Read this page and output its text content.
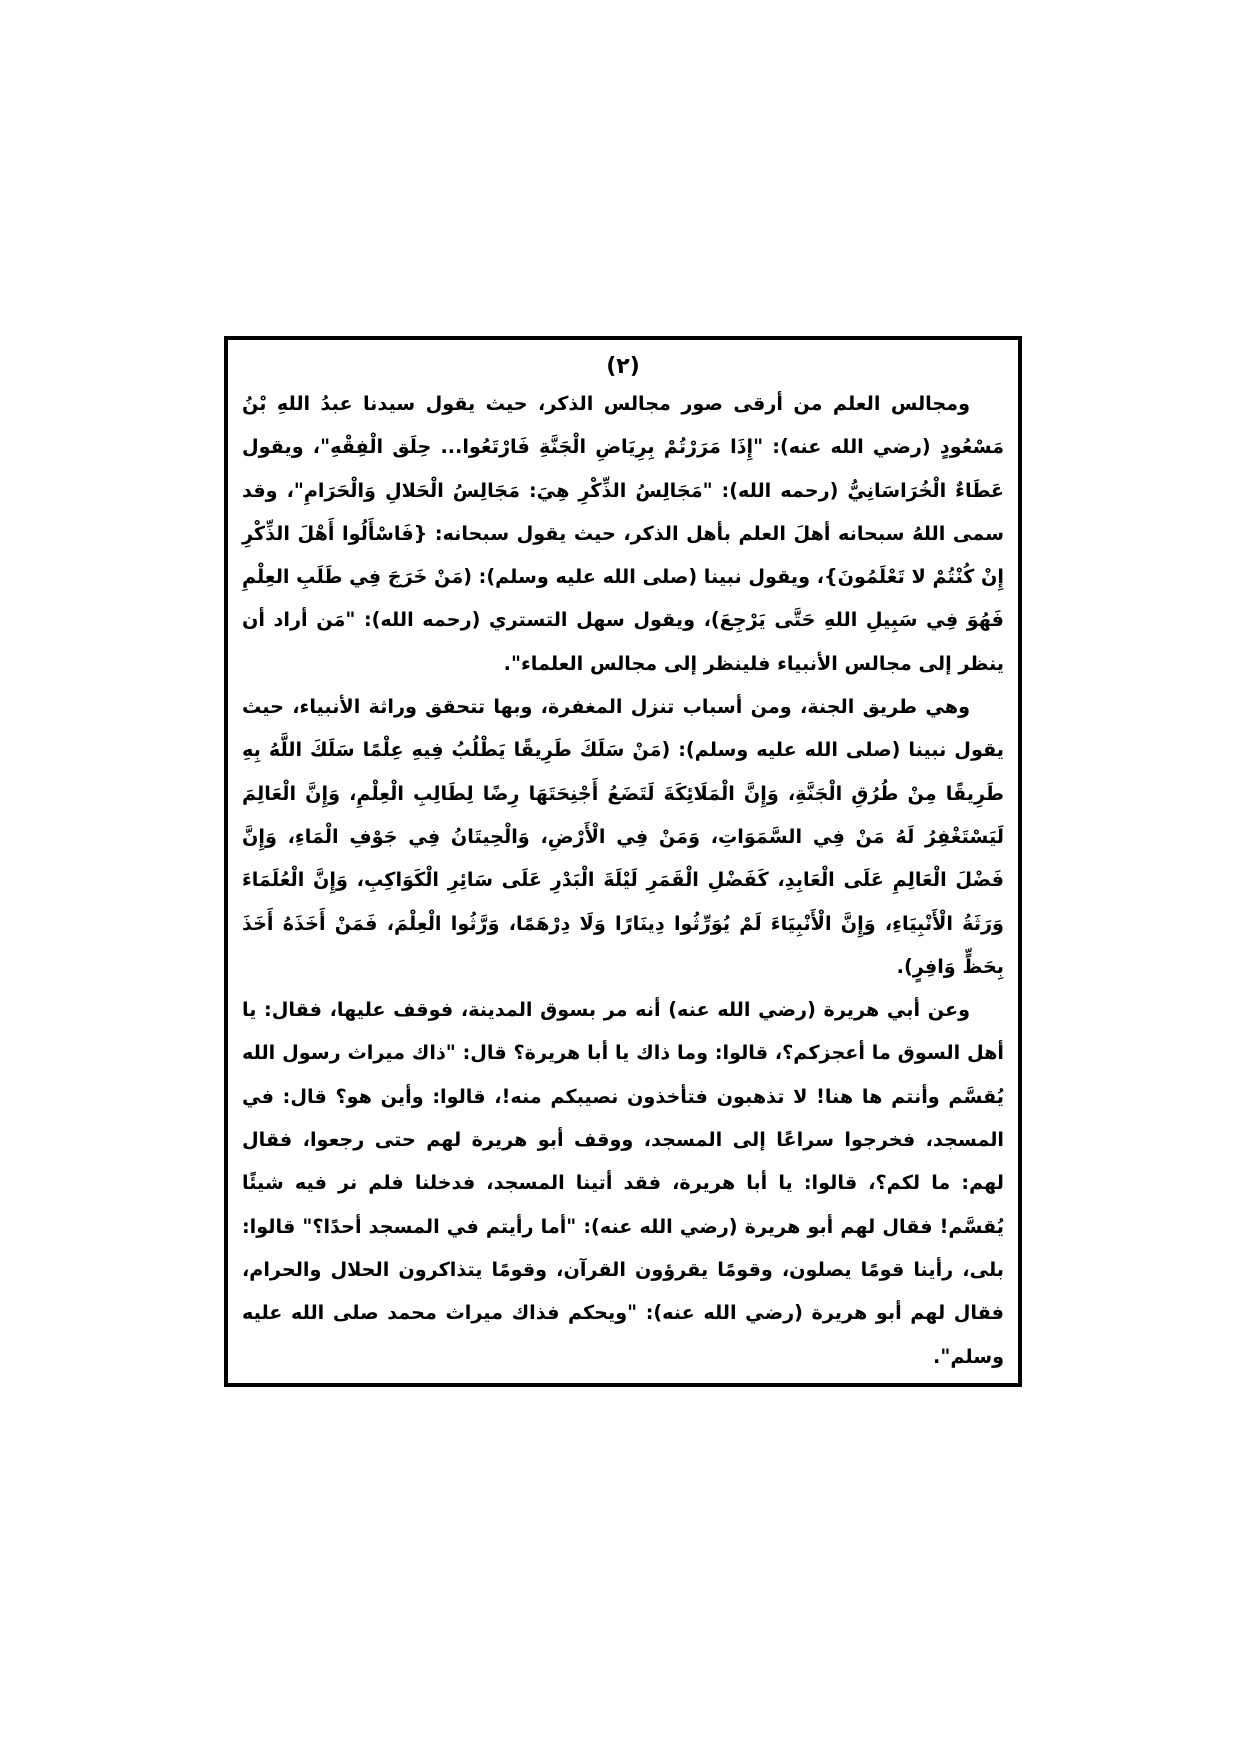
(٢)

ومجالس العلم من أرقى صور مجالس الذكر، حيث يقول سيدنا عبدُ اللهِ بْنُ مَسْعُودٍ (رضي الله عنه): "إِذَا مَرَرْتُمْ بِرِيَاضِ الْجَنَّةِ فَارْتَعُوا... حِلَق الْفِقْهِ"، ويقول عَطَاءٌ الْخُرَاسَانِيُّ (رحمه الله): "مَجَالِسُ الذِّكْرِ هِيَ: مَجَالِسُ الْحَلالِ وَالْحَرَامِ"، وقد سمى اللهُ سبحانه أهلَ العلم بأهل الذكر، حيث يقول سبحانه: {فَاسْأَلُوا أَهْلَ الذِّكْرِ إِنْ كُنْتُمْ لا تَعْلَمُونَ}، ويقول نبينا (صلى الله عليه وسلم): (مَنْ خَرَجَ فِي طَلَبِ العِلْمِ فَهُوَ فِي سَبِيلِ اللهِ حَتَّى يَرْجِعَ)، ويقول سهل التستري (رحمه الله): "مَن أراد أن ينظر إلى مجالس الأنبياء فلينظر إلى مجالس العلماء".

وهي طريق الجنة، ومن أسباب تنزل المغفرة، وبها تتحقق وراثة الأنبياء، حيث يقول نبينا (صلى الله عليه وسلم): (مَنْ سَلَكَ طَرِيقًا يَطْلُبُ فِيهِ عِلْمًا سَلَكَ اللَّهُ بِهِ طَرِيقًا مِنْ طُرُقِ الْجَنَّةِ، وَإِنَّ الْمَلَائِكَةَ لَتَضَعُ أَجْنِحَتَهَا رِضًا لِطَالِبِ الْعِلْمِ، وَإِنَّ الْعَالِمَ لَيَسْتَغْفِرُ لَهُ مَنْ فِي السَّمَوَاتِ، وَمَنْ فِي الْأَرْضِ، وَالْحِيتَانُ فِي جَوْفِ الْمَاءِ، وَإِنَّ فَضْلَ الْعَالِمِ عَلَى الْعَابِدِ، كَفَضْلِ الْقَمَرِ لَيْلَةَ الْبَدْرِ عَلَى سَائِرِ الْكَوَاكِبِ، وَإِنَّ الْعُلَمَاءَ وَرَثَةُ الْأَنْبِيَاءِ، وَإِنَّ الْأَنْبِيَاءَ لَمْ يُوَرِّثُوا دِينَارًا وَلَا دِرْهَمًا، وَرَّثُوا الْعِلْمَ، فَمَنْ أَخَذَهُ أَخَذَ بِحَظٍّ وَافِرٍ).

وعن أبي هريرة (رضي الله عنه) أنه مر بسوق المدينة، فوقف عليها، فقال: يا أهل السوق ما أعجزكم؟، قالوا: وما ذاك يا أبا هريرة؟ قال: "ذاك ميراث رسول الله يُقسَّم وأنتم ها هنا! لا تذهبون فتأخذون نصيبكم منه!، قالوا: وأين هو؟ قال: في المسجد، فخرجوا سراعًا إلى المسجد، ووقف أبو هريرة لهم حتى رجعوا، فقال لهم: ما لكم؟، قالوا: يا أبا هريرة، فقد أتينا المسجد، فدخلنا فلم نر فيه شيئًا يُقسَّم! فقال لهم أبو هريرة (رضي الله عنه): "أما رأيتم في المسجد أحدًا؟" قالوا: بلى، رأينا قومًا يصلون، وقومًا يقرؤون القرآن، وقومًا يتذاكرون الحلال والحرام، فقال لهم أبو هريرة (رضي الله عنه): "ويحكم فذاك ميراث محمد صلى الله عليه وسلم".
